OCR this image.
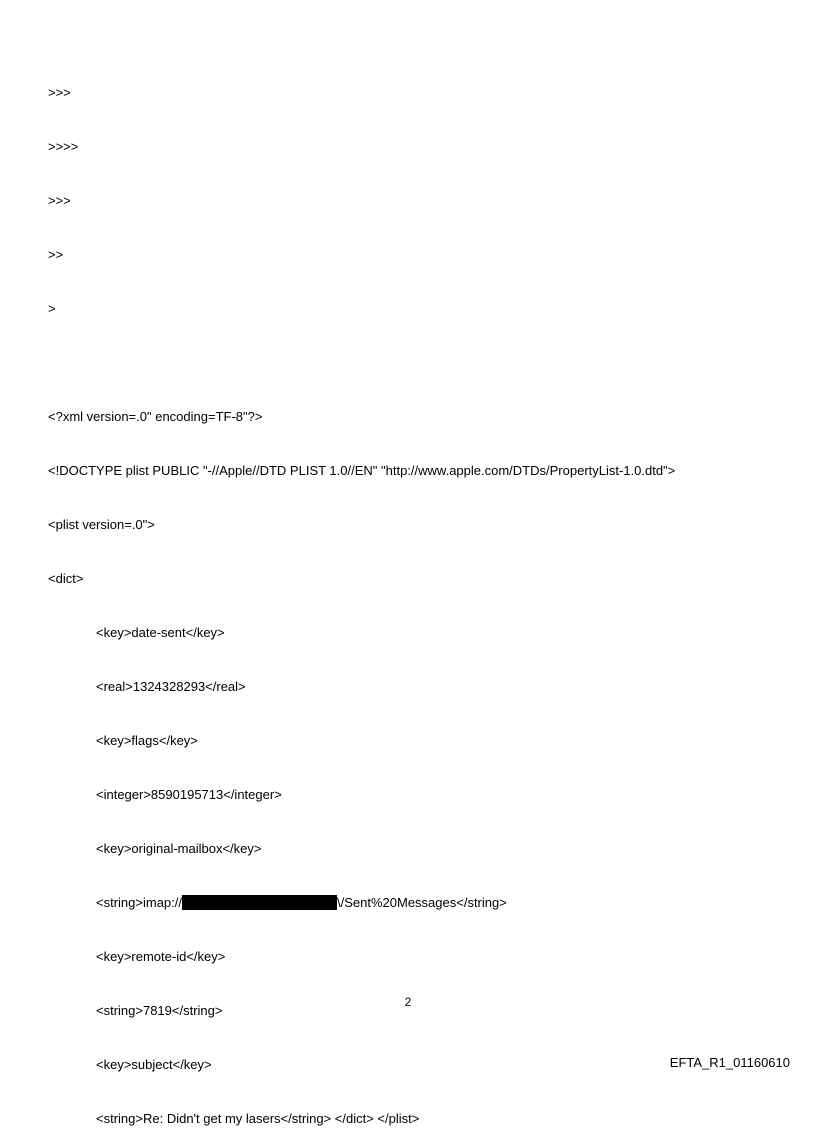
>>>

>>>>

>>>

>>

>

<?xml version=.0" encoding=TF-8"?>

<!DOCTYPE plist PUBLIC "-//Apple//DTD PLIST 1.0//EN" "http://www.apple.com/DTDs/PropertyList-1.0.dtd">

<plist version=.0">

<dict>

<key>date-sent</key>

<real>1324328293</real>

<key>flags</key>

<integer>8590195713</integer>

<key>original-mailbox</key>

<string>imap://	\/Sent%20Messages</string>

<key>remote-id</key>

<string>7819</string>

<key>subject</key>

<string>Re: Didn't get my lasers</string> </dict> </plist>

2
EFTA_R1_01160610
